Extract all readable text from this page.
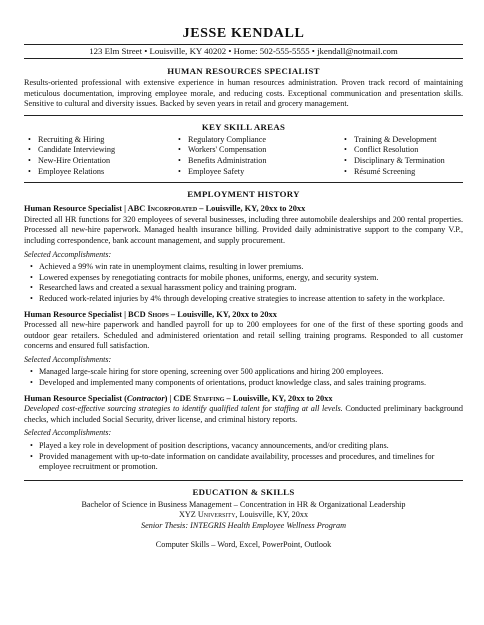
JESSE KENDALL
123 Elm Street • Louisville, KY 40202 • Home: 502-555-5555 • jkendall@notmail.com
HUMAN RESOURCES SPECIALIST
Results-oriented professional with extensive experience in human resources administration. Proven track record of maintaining meticulous documentation, improving employee morale, and reducing costs. Exceptional communication and presentation skills. Sensitive to cultural and diversity issues. Backed by seven years in retail and grocery management.
KEY SKILL AREAS
• Recruiting & Hiring
• Candidate Interviewing
• New-Hire Orientation
• Employee Relations
• Regulatory Compliance
• Workers' Compensation
• Benefits Administration
• Employee Safety
• Training & Development
• Conflict Resolution
• Disciplinary & Termination
• Résumé Screening
EMPLOYMENT HISTORY
Human Resource Specialist | ABC Incorporated – Louisville, KY, 20xx to 20xx
Directed all HR functions for 320 employees of several businesses, including three automobile dealerships and 200 rental properties. Processed all new-hire paperwork. Managed health insurance billing. Provided daily administrative support to the company V.P., including correspondence, bank account management, and supply procurement.
Selected Accomplishments:
• Achieved a 99% win rate in unemployment claims, resulting in lower premiums.
• Lowered expenses by renegotiating contracts for mobile phones, uniforms, energy, and security system.
• Researched laws and created a sexual harassment policy and training program.
• Reduced work-related injuries by 4% through developing creative strategies to increase attention to safety in the workplace.
Human Resource Specialist | BCD Shops – Louisville, KY, 20xx to 20xx
Processed all new-hire paperwork and handled payroll for up to 200 employees for one of the first of these sporting goods and outdoor gear retailers. Scheduled and administered orientation and retail selling training programs. Responded to all customer concerns and ensured full satisfaction.
Selected Accomplishments:
• Managed large-scale hiring for store opening, screening over 500 applications and hiring 200 employees.
• Developed and implemented many components of orientations, product knowledge class, and sales training programs.
Human Resource Specialist (Contractor) | CDE Staffing – Louisville, KY, 20xx to 20xx
Developed cost-effective sourcing strategies to identify qualified talent for staffing at all levels. Conducted preliminary background checks, which included Social Security, driver license, and criminal history reports.
Selected Accomplishments:
• Played a key role in development of position descriptions, vacancy announcements, and/or crediting plans.
• Provided management with up-to-date information on candidate availability, processes and procedures, and timelines for employee recruitment or promotion.
EDUCATION & SKILLS
Bachelor of Science in Business Management – Concentration in HR & Organizational Leadership
XYZ University, Louisville, KY, 20xx
Senior Thesis: INTEGRIS Health Employee Wellness Program
Computer Skills – Word, Excel, PowerPoint, Outlook
